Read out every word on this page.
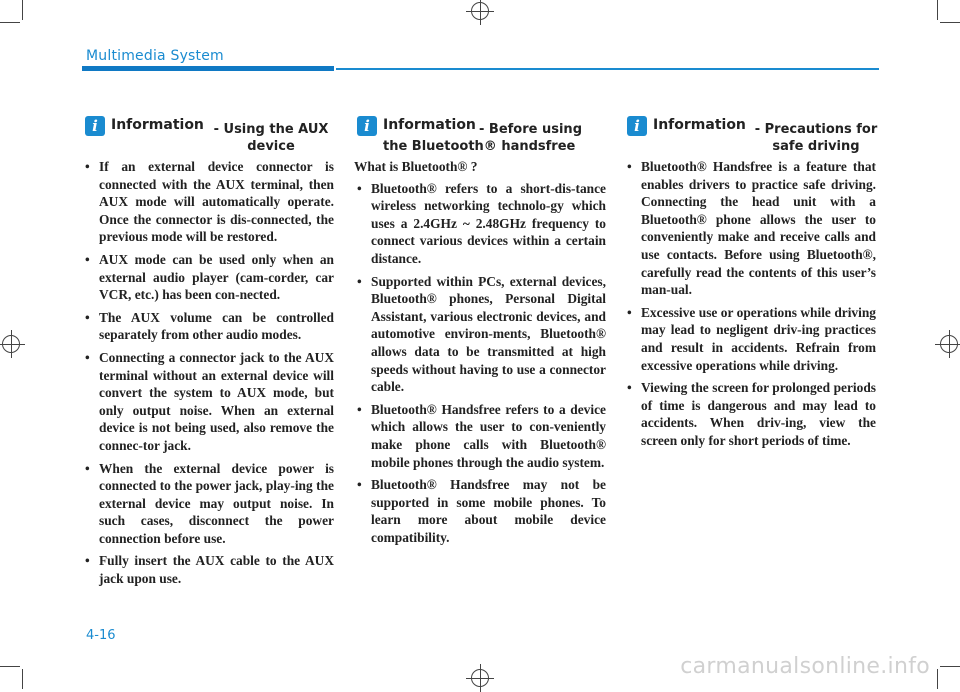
Multimedia System
i Information - Using the AUX
device
• If an external device connector is connected with the AUX terminal, then AUX mode will automatically operate. Once the connector is dis-connected, the previous mode will be restored.
• AUX mode can be used only when an external audio player (cam-corder, car VCR, etc.) has been con-nected.
• The AUX volume can be controlled separately from other audio modes.
• Connecting a connector jack to the AUX terminal without an external device will convert the system to AUX mode, but only output noise. When an external device is not being used, also remove the connec-tor jack.
• When the external device power is connected to the power jack, play-ing the external device may output noise. In such cases, disconnect the power connection before use.
• Fully insert the AUX cable to the AUX jack upon use.
i Information - Before using
the Bluetooth® handsfree

What is Bluetooth® ?

• Bluetooth® refers to a short-dis-tance wireless networking technolo-gy which uses a 2.4GHz ~ 2.48GHz frequency to connect various devices within a certain distance.
• Supported within PCs, external devices, Bluetooth® phones, Personal Digital Assistant, various electronic devices, and automotive environ-ments, Bluetooth® allows data to be transmitted at high speeds without having to use a connector cable.
• Bluetooth® Handsfree refers to a device which allows the user to con-veniently make phone calls with Bluetooth® mobile phones through the audio system.
• Bluetooth® Handsfree may not be supported in some mobile phones. To learn more about mobile device compatibility.
i Information - Precautions for
safe driving
• Bluetooth® Handsfree is a feature that enables drivers to practice safe driving. Connecting the head unit with a Bluetooth® phone allows the user to conveniently make and receive calls and use contacts. Before using Bluetooth®, carefully read the contents of this user’s man-ual.
• Excessive use or operations while driving may lead to negligent driv-ing practices and result in accidents. Refrain from excessive operations while driving.
• Viewing the screen for prolonged periods of time is dangerous and may lead to accidents. When driv-ing, view the screen only for short periods of time.
4-16
carmanualsonline.info
